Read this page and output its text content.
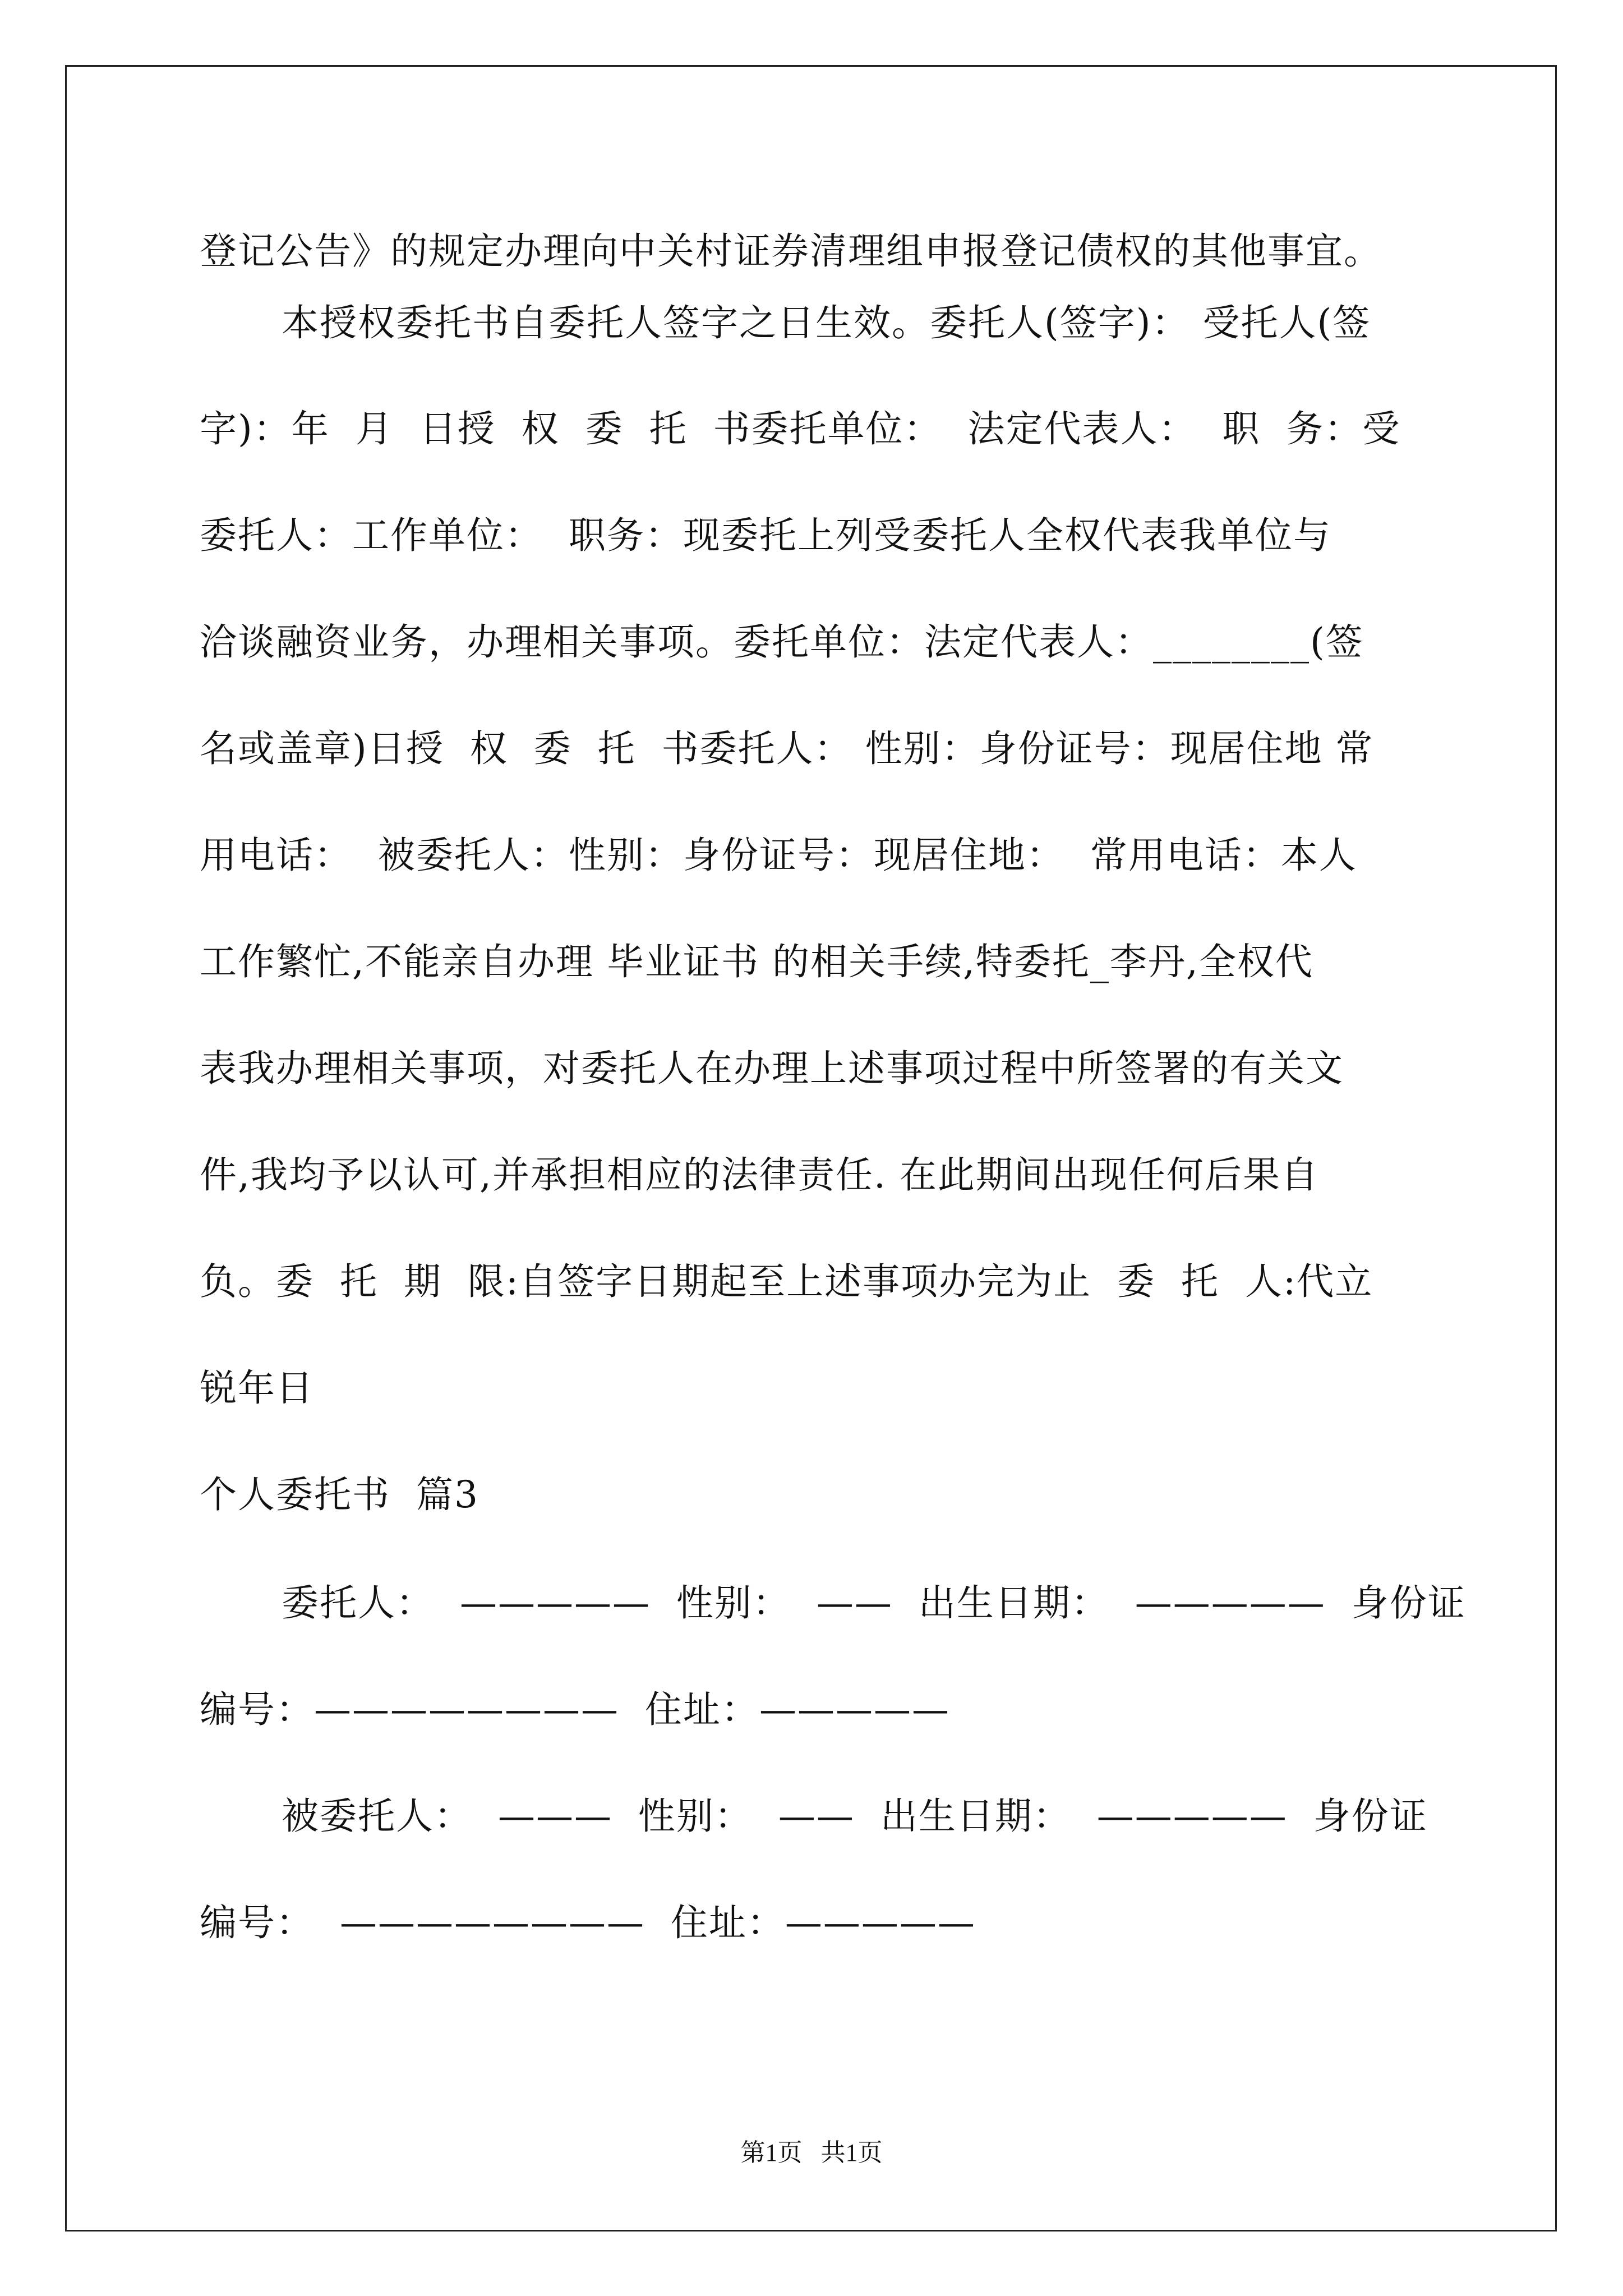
登记公告》的规定办理向中关村证券清理组申报登记债权的其他事宜。
本授权委托书自委托人签字之日生效。委托人(签字)： 受托人(签
字)：年  月  日授  权  委  托  书委托单位：  法定代表人：  职  务：受
委托人：工作单位：  职务：现委托上列受委托人全权代表我单位与
洽谈融资业务，办理相关事项。委托单位：法定代表人：________(签
名或盖章)日授  权  委  托  书委托人： 性别：身份证号：现居住地 常
用电话：  被委托人：性别：身份证号：现居住地：  常用电话：本人
工作繁忙,不能亲自办理 毕业证书 的相关手续,特委托_李丹,全权代
表我办理相关事项，对委托人在办理上述事项过程中所签署的有关文
件,我均予以认可,并承担相应的法律责任. 在此期间出现任何后果自
负。委  托  期  限:自签字日期起至上述事项办完为止  委  托  人:代立
锐年日
个人委托书  篇3
委托人：  —————  性别：  ——  出生日期：  —————  身份证
编号：————————  住址：—————
被委托人：  ———  性别：  ——  出生日期：  —————  身份证
编号：  ————————  住址：—————
第1页   共1页
